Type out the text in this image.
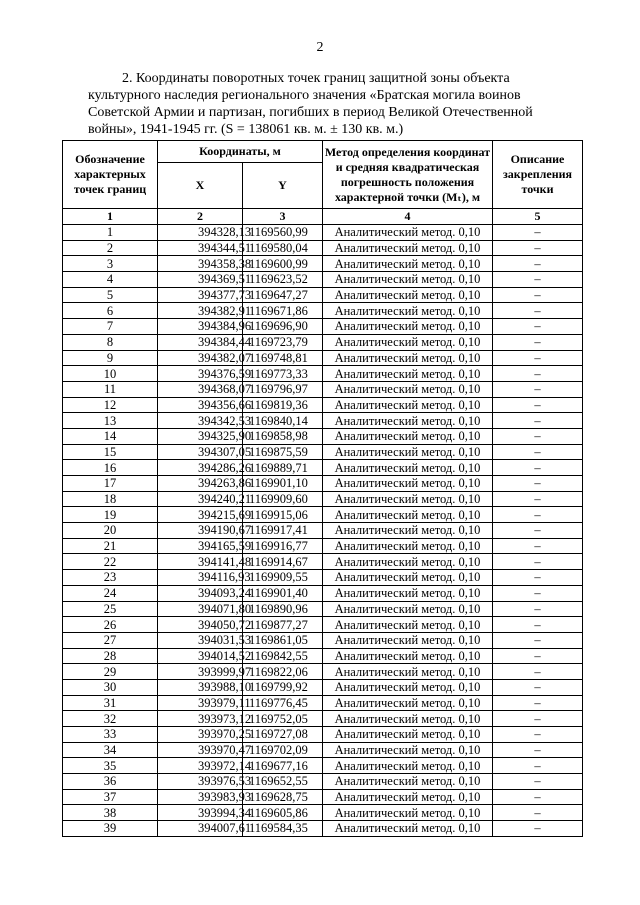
2

2. Координаты поворотных точек границ защитной зоны объекта
культурного наследия регионального значения «Братская могила воинов
Советской Армии и партизан, погибших в период Великой Отечественной
войны», 1941-1945 гг. (S = 138061 кв. м. ± 130 кв. м.)

Обозначение характерных точек границ	Координаты, м		Метод определения координат и средняя квадратическая погрешность положения характерной точки (Mₜ), м	Описание закрепления точки
	X	Y		
1	2	3	4	5
1	394328,13	1169560,99	Аналитический метод. 0,10	–
2	394344,51	1169580,04	Аналитический метод. 0,10	–
3	394358,38	1169600,99	Аналитический метод. 0,10	–
4	394369,51	1169623,52	Аналитический метод. 0,10	–
5	394377,73	1169647,27	Аналитический метод. 0,10	–
6	394382,91	1169671,86	Аналитический метод. 0,10	–
7	394384,96	1169696,90	Аналитический метод. 0,10	–
8	394384,44	1169723,79	Аналитический метод. 0,10	–
9	394382,07	1169748,81	Аналитический метод. 0,10	–
10	394376,59	1169773,33	Аналитический метод. 0,10	–
11	394368,07	1169796,97	Аналитический метод. 0,10	–
12	394356,66	1169819,36	Аналитический метод. 0,10	–
13	394342,53	1169840,14	Аналитический метод. 0,10	–
14	394325,90	1169858,98	Аналитический метод. 0,10	–
15	394307,05	1169875,59	Аналитический метод. 0,10	–
16	394286,26	1169889,71	Аналитический метод. 0,10	–
17	394263,86	1169901,10	Аналитический метод. 0,10	–
18	394240,21	1169909,60	Аналитический метод. 0,10	–
19	394215,69	1169915,06	Аналитический метод. 0,10	–
20	394190,67	1169917,41	Аналитический метод. 0,10	–
21	394165,59	1169916,77	Аналитический метод. 0,10	–
22	394141,48	1169914,67	Аналитический метод. 0,10	–
23	394116,93	1169909,55	Аналитический метод. 0,10	–
24	394093,24	1169901,40	Аналитический метод. 0,10	–
25	394071,80	1169890,96	Аналитический метод. 0,10	–
26	394050,72	1169877,27	Аналитический метод. 0,10	–
27	394031,53	1169861,05	Аналитический метод. 0,10	–
28	394014,52	1169842,55	Аналитический метод. 0,10	–
29	393999,97	1169822,06	Аналитический метод. 0,10	–
30	393988,10	1169799,92	Аналитический метод. 0,10	–
31	393979,11	1169776,45	Аналитический метод. 0,10	–
32	393973,12	1169752,05	Аналитический метод. 0,10	–
33	393970,25	1169727,08	Аналитический метод. 0,10	–
34	393970,47	1169702,09	Аналитический метод. 0,10	–
35	393972,14	1169677,16	Аналитический метод. 0,10	–
36	393976,53	1169652,55	Аналитический метод. 0,10	–
37	393983,93	1169628,75	Аналитический метод. 0,10	–
38	393994,34	1169605,86	Аналитический метод. 0,10	–
39	394007,61	1169584,35	Аналитический метод. 0,10	–
